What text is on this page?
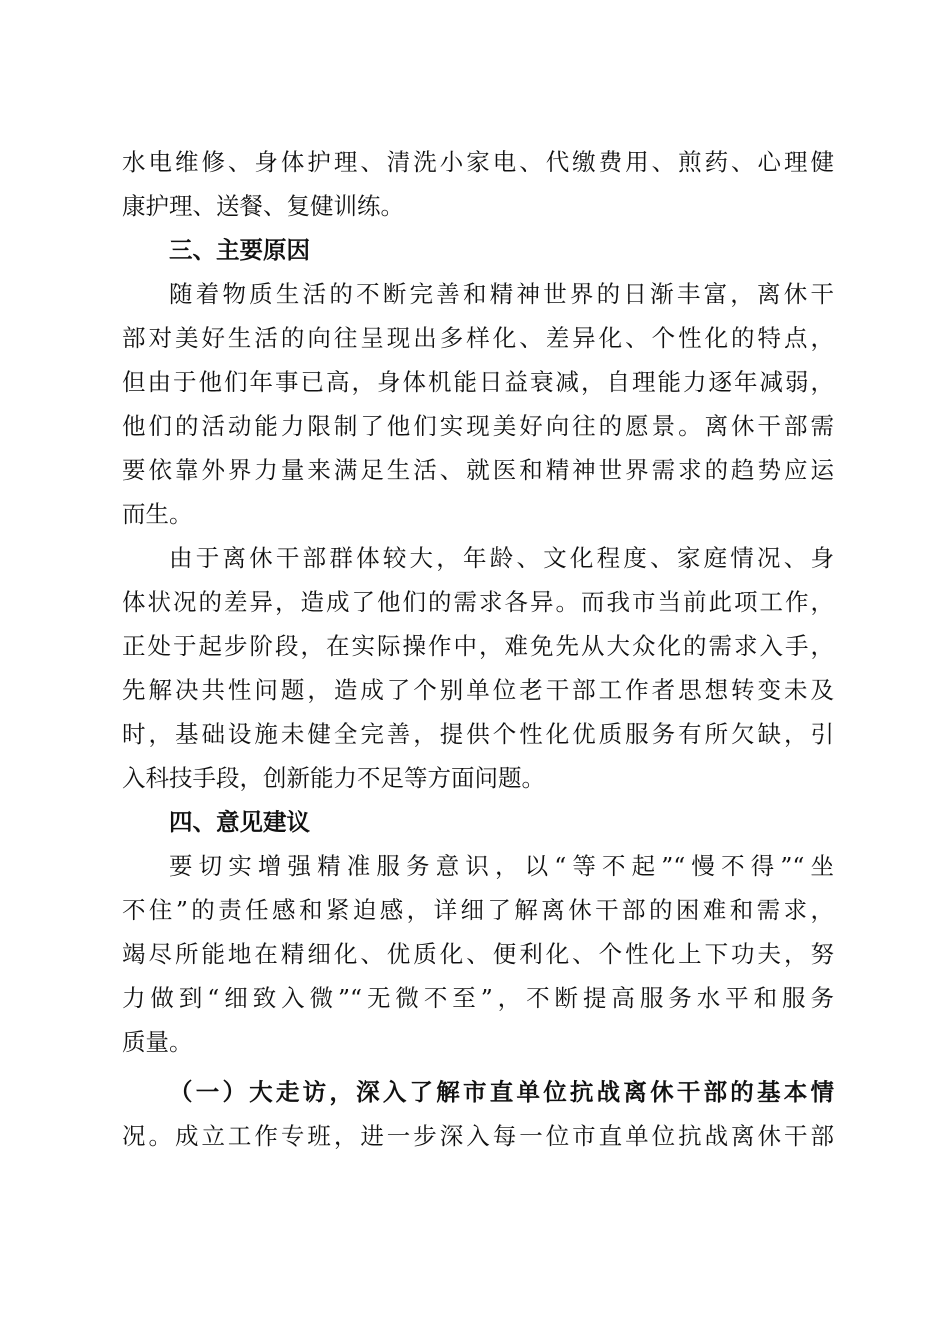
水电维修、身体护理、清洗小家电、代缴费用、煎药、心理健
康护理、送餐、复健训练。
三、主要原因
随着物质生活的不断完善和精神世界的日渐丰富，离休干
部对美好生活的向往呈现出多样化、差异化、个性化的特点，
但由于他们年事已高，身体机能日益衰减，自理能力逐年减弱，
他们的活动能力限制了他们实现美好向往的愿景。离休干部需
要依靠外界力量来满足生活、就医和精神世界需求的趋势应运
而生。
由于离休干部群体较大，年龄、文化程度、家庭情况、身
体状况的差异，造成了他们的需求各异。而我市当前此项工作，
正处于起步阶段，在实际操作中，难免先从大众化的需求入手，
先解决共性问题，造成了个别单位老干部工作者思想转变未及
时，基础设施未健全完善，提供个性化优质服务有所欠缺，引
入科技手段，创新能力不足等方面问题。
四、意见建议
要切实增强精准服务意识，以“等不起”“慢不得”“坐
不住”的责任感和紧迫感，详细了解离休干部的困难和需求，
竭尽所能地在精细化、优质化、便利化、个性化上下功夫，努
力做到“细致入微”“无微不至”，不断提高服务水平和服务
质量。
（一）大走访，深入了解市直单位抗战离休干部的基本情
况。成立工作专班，进一步深入每一位市直单位抗战离休干部
